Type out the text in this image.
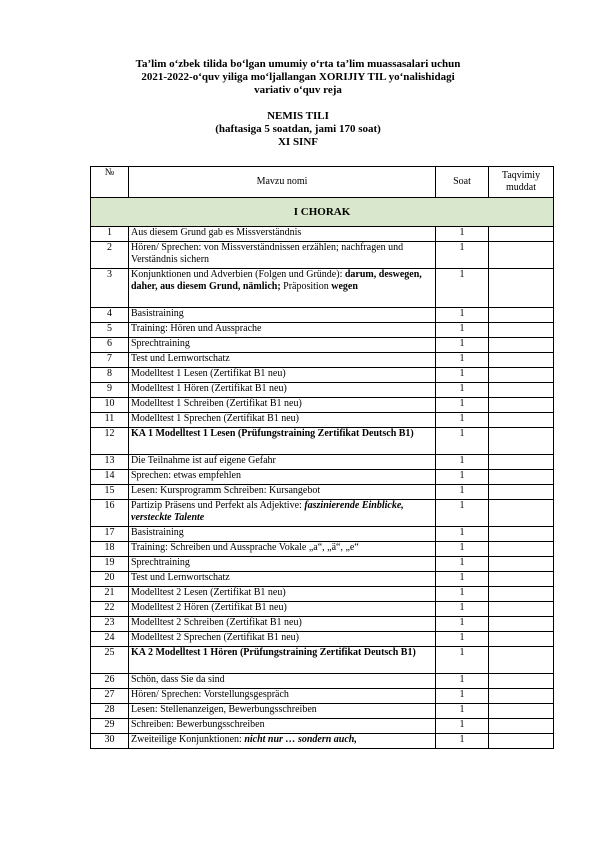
Ta’lim o‘zbek tilida bo‘lgan umumiy o‘rta ta’lim muassasalari uchun
2021-2022-o‘quv yiliga mo‘ljallangan XORIJIY TIL yo‘nalishidagi
variativ o‘quv reja
NEMIS TILI
(haftasiga 5 soatdan, jami 170 soat)
XI SINF
№	Mavzu nomi	Soat	Taqvimiy muddat
I CHORAK			
1	Aus diesem Grund gab es Missverständnis	1	
2	Hören/ Sprechen: von Missverständnissen erzählen; nachfragen und Verständnis sichern	1	
3	Konjunktionen und Adverbien (Folgen und Gründe): darum, deswegen, daher, aus diesem Grund, nämlich; Präposition wegen	1	
4	Basistraining	1	
5	Training: Hören und Aussprache	1	
6	Sprechtraining	1	
7	Test und Lernwortschatz	1	
8	Modelltest 1 Lesen (Zertifikat B1 neu)	1	
9	Modelltest 1 Hören (Zertifikat B1 neu)	1	
10	Modelltest 1 Schreiben (Zertifikat B1 neu)	1	
11	Modelltest 1 Sprechen (Zertifikat B1 neu)	1	
12	KA 1 Modelltest 1 Lesen (Prüfungstraining Zertifikat Deutsch B1)	1	
13	Die Teilnahme ist auf eigene Gefahr	1	
14	Sprechen: etwas empfehlen	1	
15	Lesen: Kursprogramm Schreiben: Kursangebot	1	
16	Partizip Präsens und Perfekt als Adjektive: faszinierende Einblicke, versteckte Talente	1	
17	Basistraining	1	
18	Training: Schreiben und Aussprache Vokale „a“, „ä“, „e“	1	
19	Sprechtraining	1	
20	Test und Lernwortschatz	1	
21	Modelltest 2 Lesen (Zertifikat B1 neu)	1	
22	Modelltest 2 Hören (Zertifikat B1 neu)	1	
23	Modelltest 2 Schreiben (Zertifikat B1 neu)	1	
24	Modelltest 2 Sprechen (Zertifikat B1 neu)	1	
25	KA 2 Modelltest 1 Hören (Prüfungstraining Zertifikat Deutsch B1)	1	
26	Schön, dass Sie da sind	1	
27	Hören/ Sprechen: Vorstellungsgespräch	1	
28	Lesen: Stellenanzeigen, Bewerbungsschreiben	1	
29	Schreiben: Bewerbungsschreiben	1	
30	Zweiteilige Konjunktionen: nicht nur … sondern auch,	1	
